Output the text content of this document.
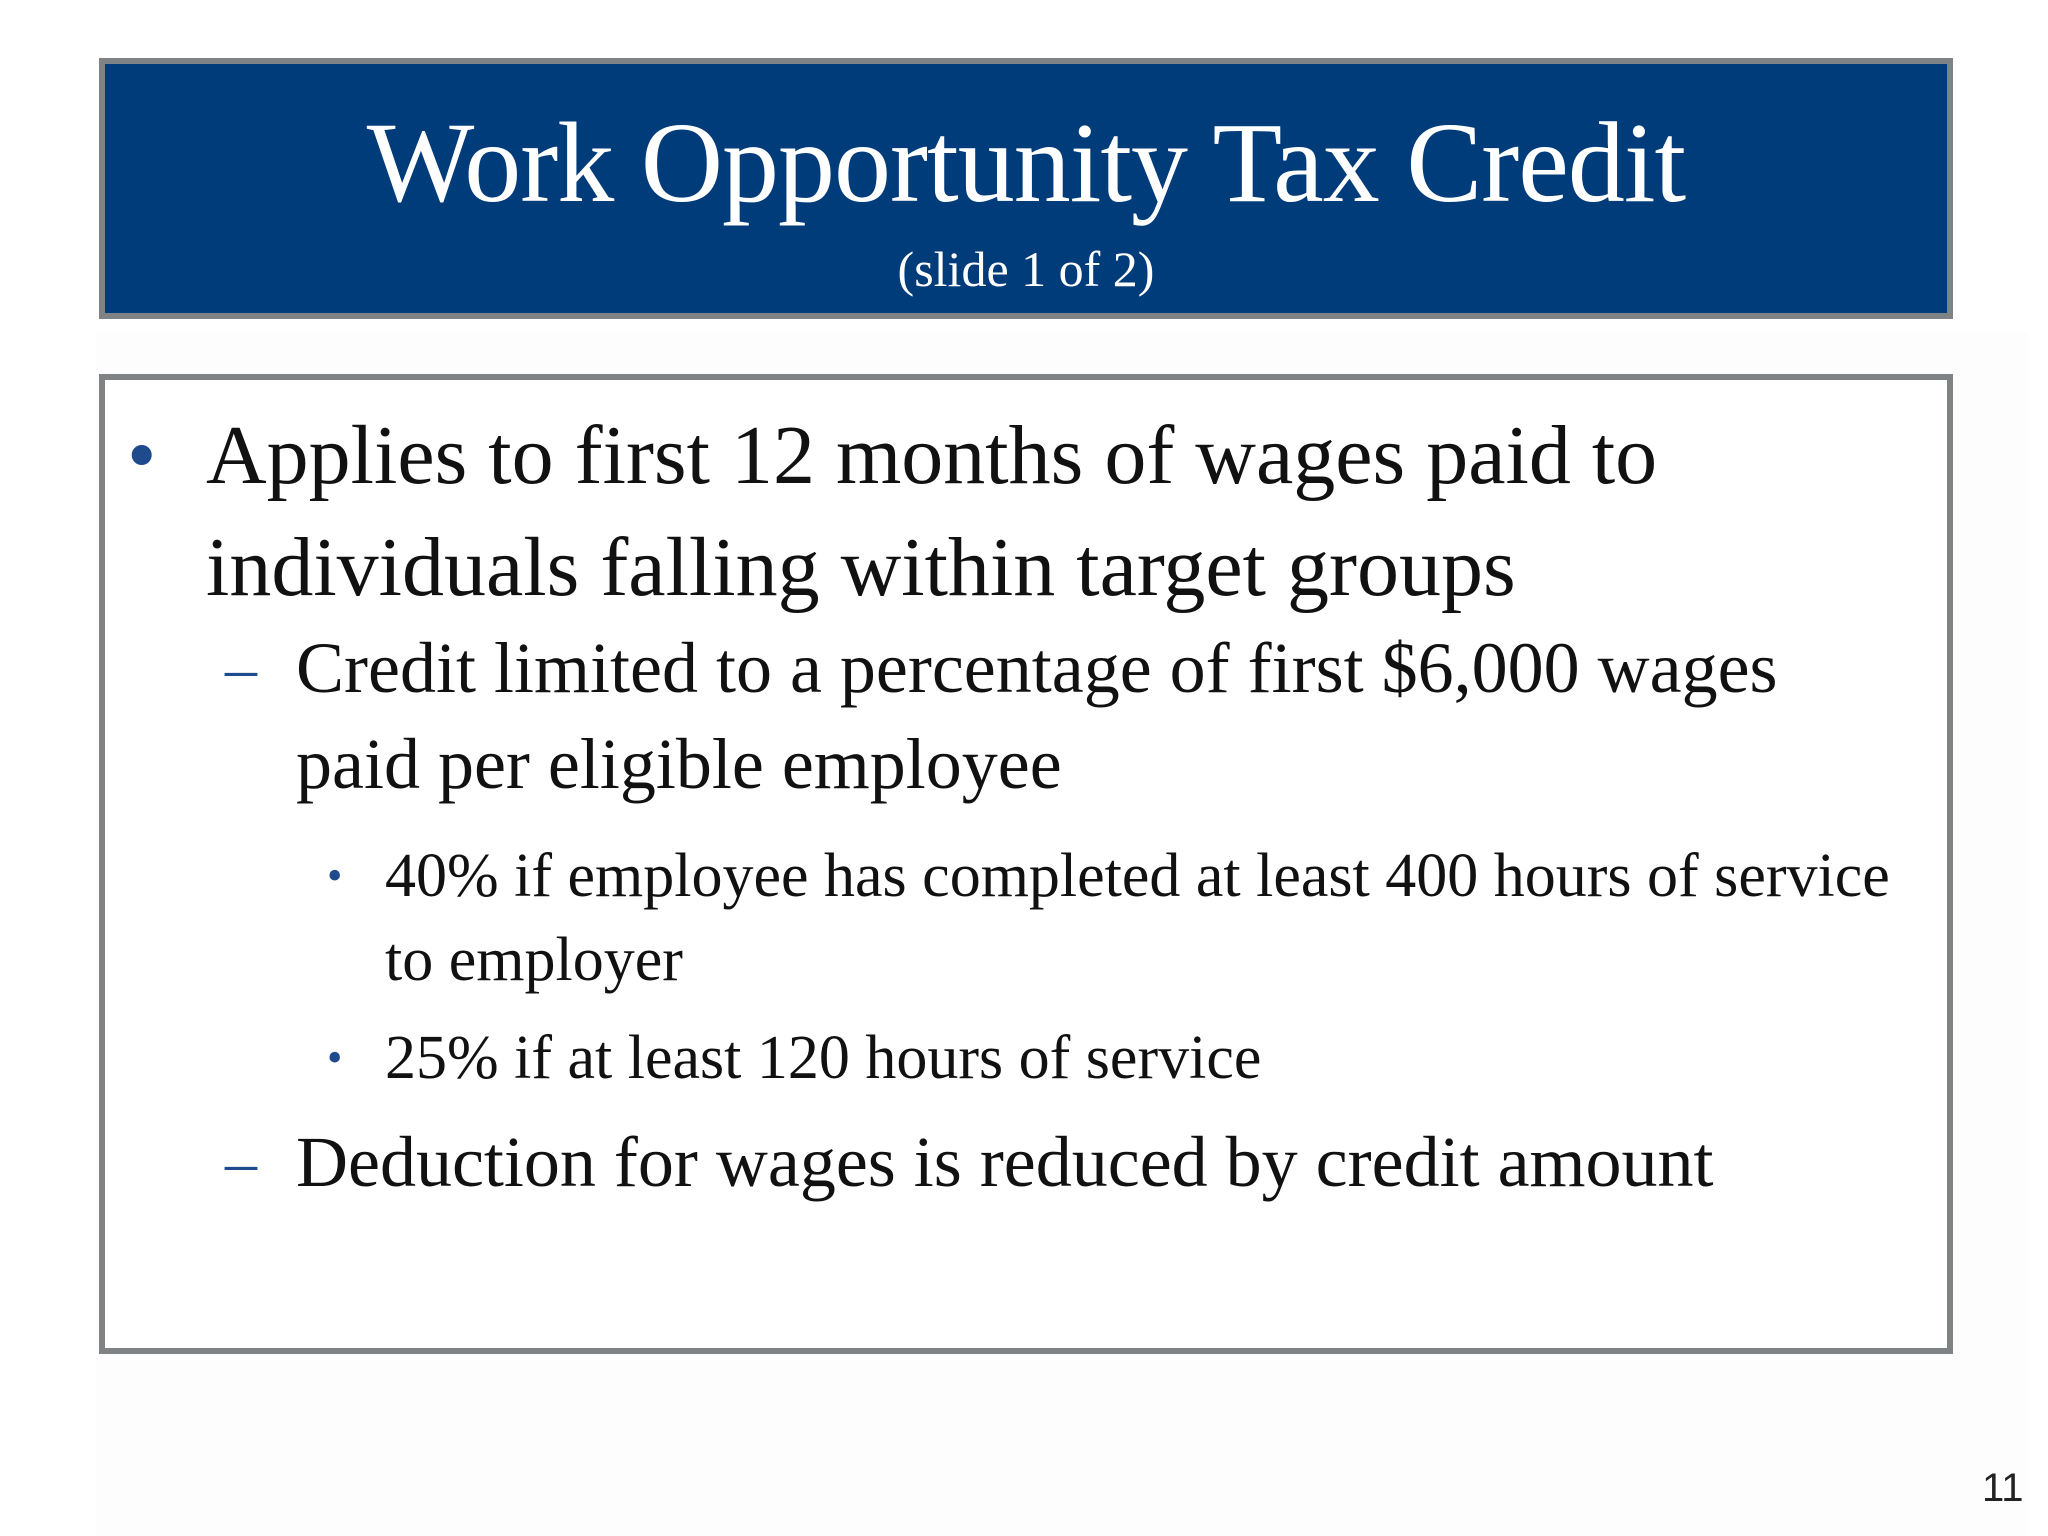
Work Opportunity Tax Credit
(slide 1 of 2)
• Applies to first 12 months of wages paid to individuals falling within target groups
– Credit limited to a percentage of first $6,000 wages paid per eligible employee
• 40% if employee has completed at least 400 hours of service to employer
• 25% if at least 120 hours of service
– Deduction for wages is reduced by credit amount
11
